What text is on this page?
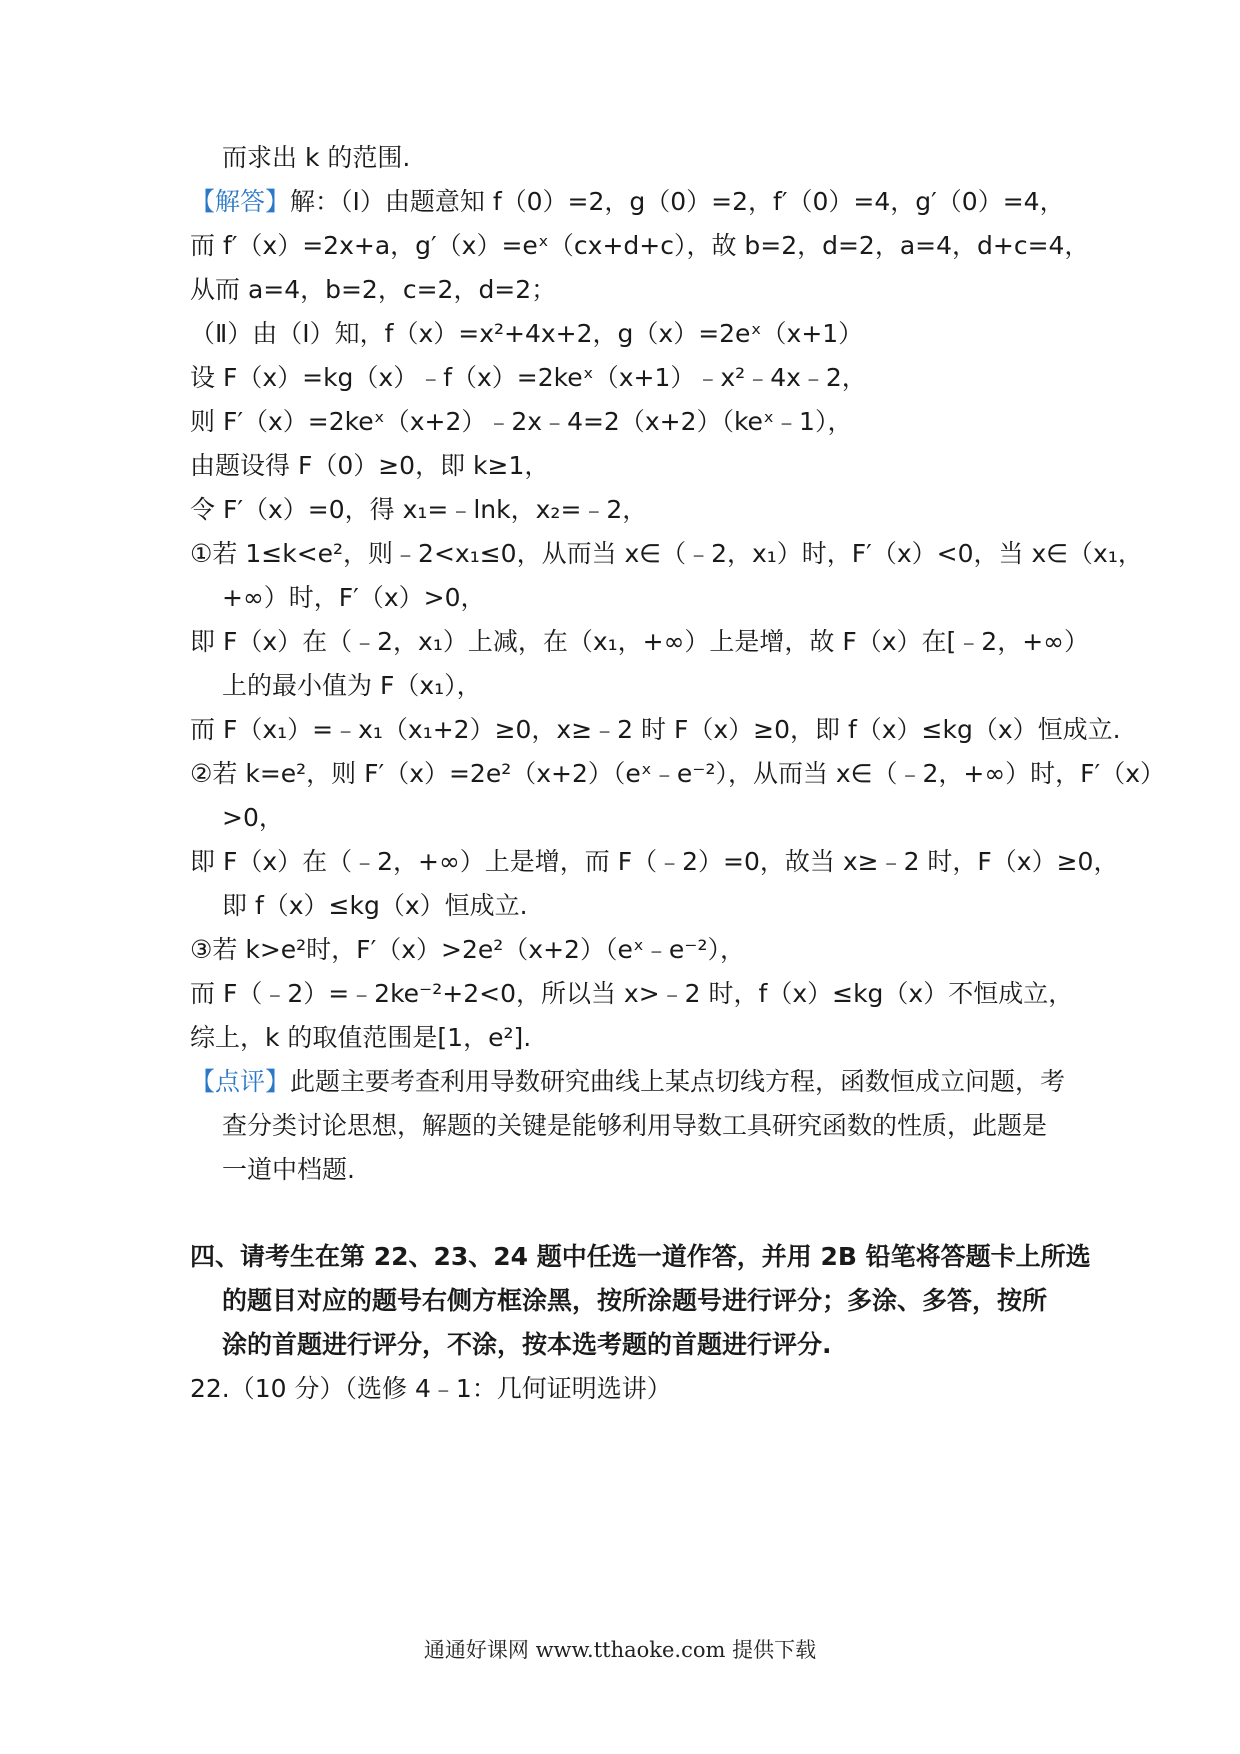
而求出 k 的范围.
【解答】解：（Ⅰ）由题意知 f（0）=2，g（0）=2，f′（0）=4，g′（0）=4，
而 f′（x）=2x+a，g′（x）=eˣ（cx+d+c），故 b=2，d=2，a=4，d+c=4，
从而 a=4，b=2，c=2，d=2；
（Ⅱ）由（I）知，f（x）=x²+4x+2，g（x）=2eˣ（x+1）
设 F（x）=kg（x）﹣f（x）=2keˣ（x+1）﹣x²﹣4x﹣2，
则 F′（x）=2keˣ（x+2）﹣2x﹣4=2（x+2）（keˣ﹣1），
由题设得 F（0）≥0，即 k≥1，
令 F′（x）=0，得 x₁=﹣lnk，x₂=﹣2，
①若 1≤k<e²，则﹣2<x₁≤0，从而当 x∈（﹣2，x₁）时，F′（x）<0，当 x∈（x₁，
+∞）时，F′（x）>0，
即 F（x）在（﹣2，x₁）上减，在（x₁，+∞）上是增，故 F（x）在[﹣2，+∞）
上的最小值为 F（x₁），
而 F（x₁）=﹣x₁（x₁+2）≥0，x≥﹣2 时 F（x）≥0，即 f（x）≤kg（x）恒成立.
②若 k=e²，则 F′（x）=2e²（x+2）（eˣ﹣e⁻²），从而当 x∈（﹣2，+∞）时，F′（x）
>0，
即 F（x）在（﹣2，+∞）上是增，而 F（﹣2）=0，故当 x≥﹣2 时，F（x）≥0，
即 f（x）≤kg（x）恒成立.
③若 k>e²时，F′（x）>2e²（x+2）（eˣ﹣e⁻²），
而 F（﹣2）=﹣2ke⁻²+2<0，所以当 x>﹣2 时，f（x）≤kg（x）不恒成立，
综上，k 的取值范围是[1，e²].
【点评】此题主要考查利用导数研究曲线上某点切线方程，函数恒成立问题，考
查分类讨论思想，解题的关键是能够利用导数工具研究函数的性质，此题是
一道中档题.
四、请考生在第 22、23、24 题中任选一道作答，并用 2B 铅笔将答题卡上所选
的题目对应的题号右侧方框涂黑，按所涂题号进行评分；多涂、多答，按所
涂的首题进行评分，不涂，按本选考题的首题进行评分.
22.（10 分）（选修 4﹣1：几何证明选讲）
通通好课网 www.tthaoke.com 提供下载
